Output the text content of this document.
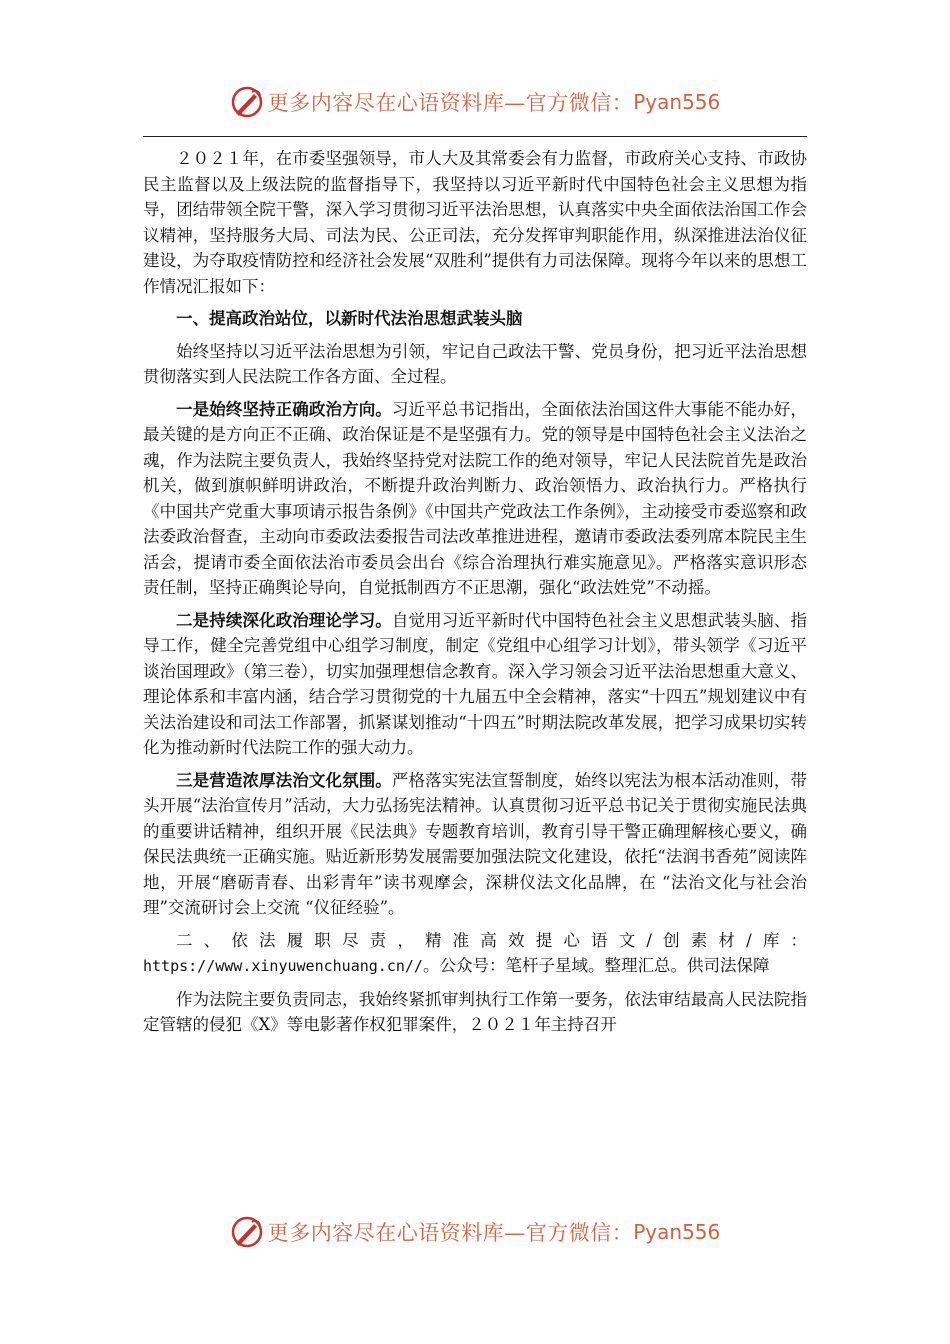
更多内容尽在心语资料库—官方微信： Pyan556

２０２１年，在市委坚强领导，市人大及其常委会有力监督，市政府关心支持、市政协民主监督以及上级法院的监督指导下，我坚持以习近平新时代中国特色社会主义思想为指导，团结带领全院干警，深入学习贯彻习近平法治思想，认真落实中央全面依法治国工作会议精神，坚持服务大局、司法为民、公正司法，充分发挥审判职能作用，纵深推进法治仪征建设，为夺取疫情防控和经济社会发展“双胜利”提供有力司法保障。现将今年以来的思想工作情况汇报如下：

一、提高政治站位，以新时代法治思想武装头脑

始终坚持以习近平法治思想为引领，牢记自己政法干警、党员身份，把习近平法治思想贯彻落实到人民法院工作各方面、全过程。

一是始终坚持正确政治方向。习近平总书记指出，全面依法治国这件大事能不能办好，最关键的是方向正不正确、政治保证是不是坚强有力。党的领导是中国特色社会主义法治之魂，作为法院主要负责人，我始终坚持党对法院工作的绝对领导，牢记人民法院首先是政治机关，做到旗帜鲜明讲政治，不断提升政治判断力、政治领悟力、政治执行力。严格执行《中国共产党重大事项请示报告条例》《中国共产党政法工作条例》，主动接受市委巡察和政法委政治督查，主动向市委政法委报告司法改革推进进程，邀请市委政法委列席本院民主生活会，提请市委全面依法治市委员会出台《综合治理执行难实施意见》。严格落实意识形态责任制，坚持正确舆论导向，自觉抵制西方不正思潮，强化“政法姓党”不动摇。

二是持续深化政治理论学习。自觉用习近平新时代中国特色社会主义思想武装头脑、指导工作，健全完善党组中心组学习制度，制定《党组中心组学习计划》，带头领学《习近平谈治国理政》（第三卷），切实加强理想信念教育。深入学习领会习近平法治思想重大意义、理论体系和丰富内涵，结合学习贯彻党的十九届五中全会精神，落实“十四五”规划建议中有关法治建设和司法工作部署，抓紧谋划推动“十四五”时期法院改革发展，把学习成果切实转化为推动新时代法院工作的强大动力。

三是营造浓厚法治文化氛围。严格落实宪法宣誓制度，始终以宪法为根本活动准则，带头开展“法治宣传月”活动，大力弘扬宪法精神。认真贯彻习近平总书记关于贯彻实施民法典的重要讲话精神，组织开展《民法典》专题教育培训，教育引导干警正确理解核心要义，确保民法典统一正确实施。贴近新形势发展需要加强法院文化建设，依托“法润书香苑”阅读阵地，开展“磨砺青春、出彩青年”读书观摩会，深耕仪法文化品牌，在 “法治文化与社会治理”交流研讨会上交流 “仪征经验”。

二、依法履职尽责，精准高效提心语文/创素材/库：https://www.xinyuwenchuang.cn//。公众号：笔杆子星域。整理汇总。供司法保障

作为法院主要负责同志，我始终紧抓审判执行工作第一要务，依法审结最高人民法院指定管辖的侵犯《X》等电影著作权犯罪案件，２０２１年主持召开

更多内容尽在心语资料库—官方微信： Pyan556
